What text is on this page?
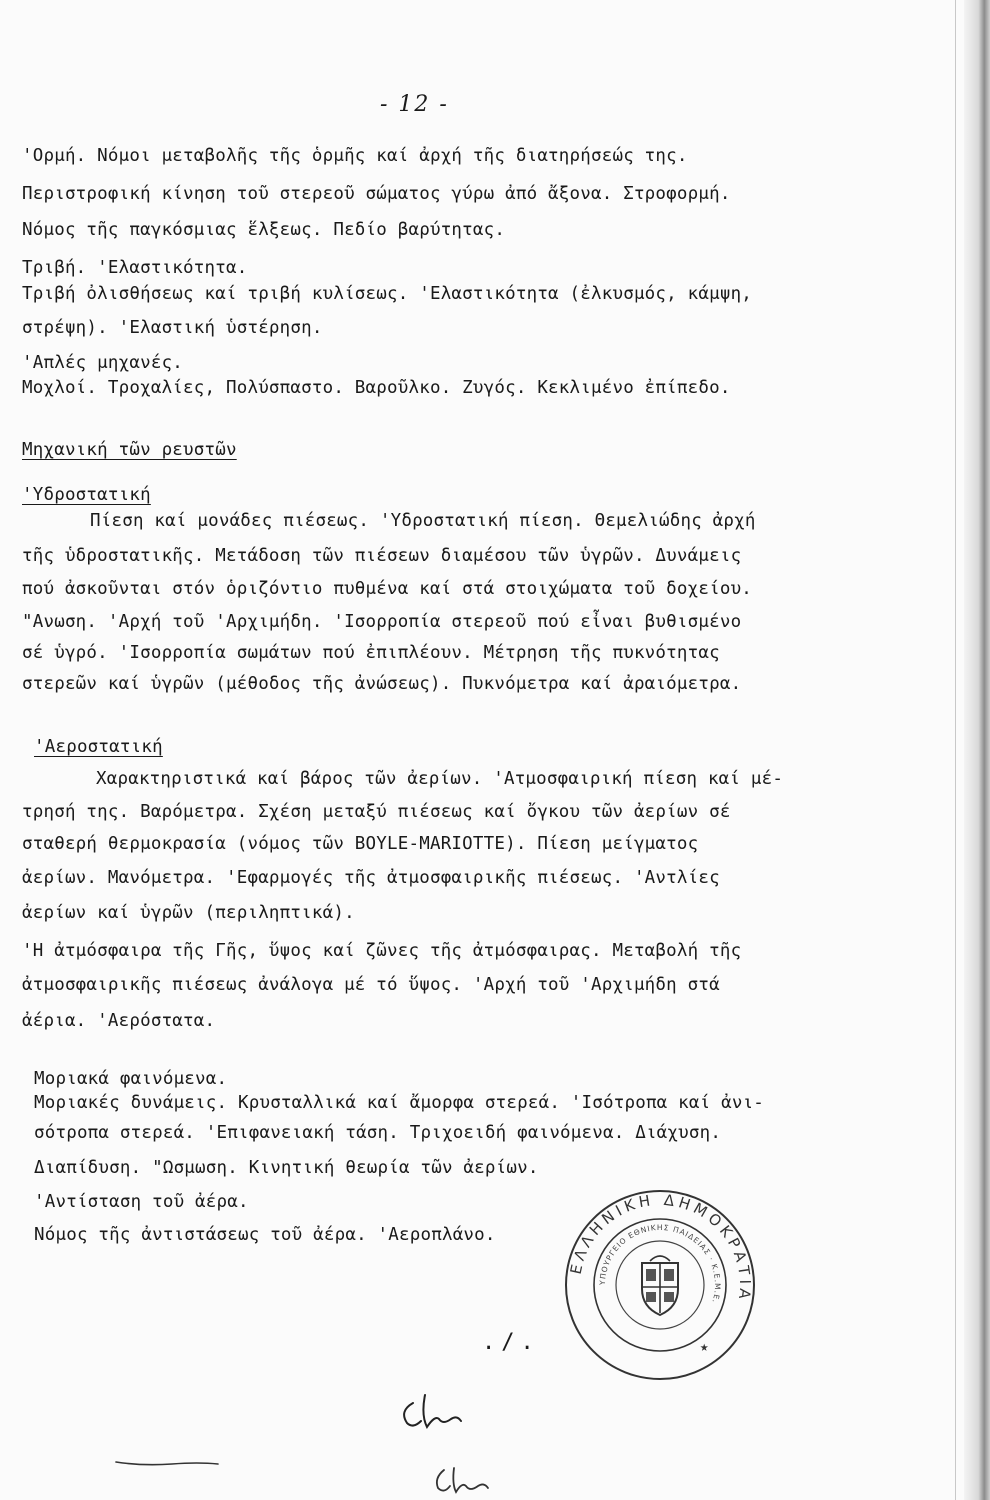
- 12 -
'Ορμή. Νόμοι μεταβολῆς τῆς ὁρμῆς καί ἀρχή τῆς διατηρήσεώς της.
Περιστροφική κίνηση τοῦ στερεοῦ σώματος γύρω ἀπό ἄξονα. Στροφορμή.
Νόμος τῆς παγκόσμιας ἕλξεως. Πεδίο βαρύτητας.
Τριβή. 'Ελαστικότητα.
Τριβή ὀλισθήσεως καί τριβή κυλίσεως. 'Ελαστικότητα (ἐλκυσμός, κάμψη,
στρέψη). 'Ελαστική ὑστέρηση.
'Απλές μηχανές.
Μοχλοί. Τροχαλίες, Πολύσπαστο. Βαροῦλκο. Ζυγός. Κεκλιμένο ἐπίπεδο.
Μηχανική τῶν ρευστῶν
'Υδροστατική
Πίεση καί μονάδες πιέσεως. 'Υδροστατική πίεση. Θεμελιώδης ἀρχή
τῆς ὑδροστατικῆς. Μετάδοση τῶν πιέσεων διαμέσου τῶν ὑγρῶν. Δυνάμεις
πού ἀσκοῦνται στόν ὁριζόντιο πυθμένα καί στά στοιχώματα τοῦ δοχείου.
"Ανωση. 'Αρχή τοῦ 'Αρχιμήδη. 'Ισορροπία στερεοῦ πού εἶναι βυθισμένο
σέ ὑγρό. 'Ισορροπία σωμάτων πού ἐπιπλέουν. Μέτρηση τῆς πυκνότητας
στερεῶν καί ὑγρῶν (μέθοδος τῆς ἀνώσεως). Πυκνόμετρα καί ἀραιόμετρα.
'Αεροστατική
Χαρακτηριστικά καί βάρος τῶν ἀερίων. 'Ατμοσφαιρική πίεση καί μέ-
τρησή της. Βαρόμετρα. Σχέση μεταξύ πιέσεως καί ὄγκου τῶν ἀερίων σέ
σταθερή θερμοκρασία (νόμος τῶν BOYLE-MARIOTTE). Πίεση μείγματος
ἀερίων. Μανόμετρα. 'Εφαρμογές τῆς ἀτμοσφαιρικῆς πιέσεως. 'Αντλίες
ἀερίων καί ὑγρῶν (περιληπτικά).
'Η ἀτμόσφαιρα τῆς Γῆς, ὕψος καί ζῶνες τῆς ἀτμόσφαιρας. Μεταβολή τῆς
ἀτμοσφαιρικῆς πιέσεως ἀνάλογα μέ τό ὕψος. 'Αρχή τοῦ 'Αρχιμήδη στά
ἀέρια. 'Αερόστατα.
Μοριακά φαινόμενα.
Μοριακές δυνάμεις. Κρυσταλλικά καί ἄμορφα στερεά. 'Ισότροπα καί ἀνι-
σότροπα στερεά. 'Επιφανειακή τάση. Τριχοειδή φαινόμενα. Διάχυση.
Διαπίδυση. "Ωσμωση. Κινητική θεωρία τῶν ἀερίων.
'Αντίσταση τοῦ ἀέρα.
Νόμος τῆς ἀντιστάσεως τοῦ ἀέρα. 'Αεροπλάνο.
./.
ΕΛΛΗΝΙΚΗ ΔΗΜΟΚΡΑΤΙΑ
ΥΠΟΥΡΓΕΙΟ ΕΘΝΙΚΗΣ ΠΑΙΔΕΙΑΣ · Κ.Ε.Μ.Ε.
★
